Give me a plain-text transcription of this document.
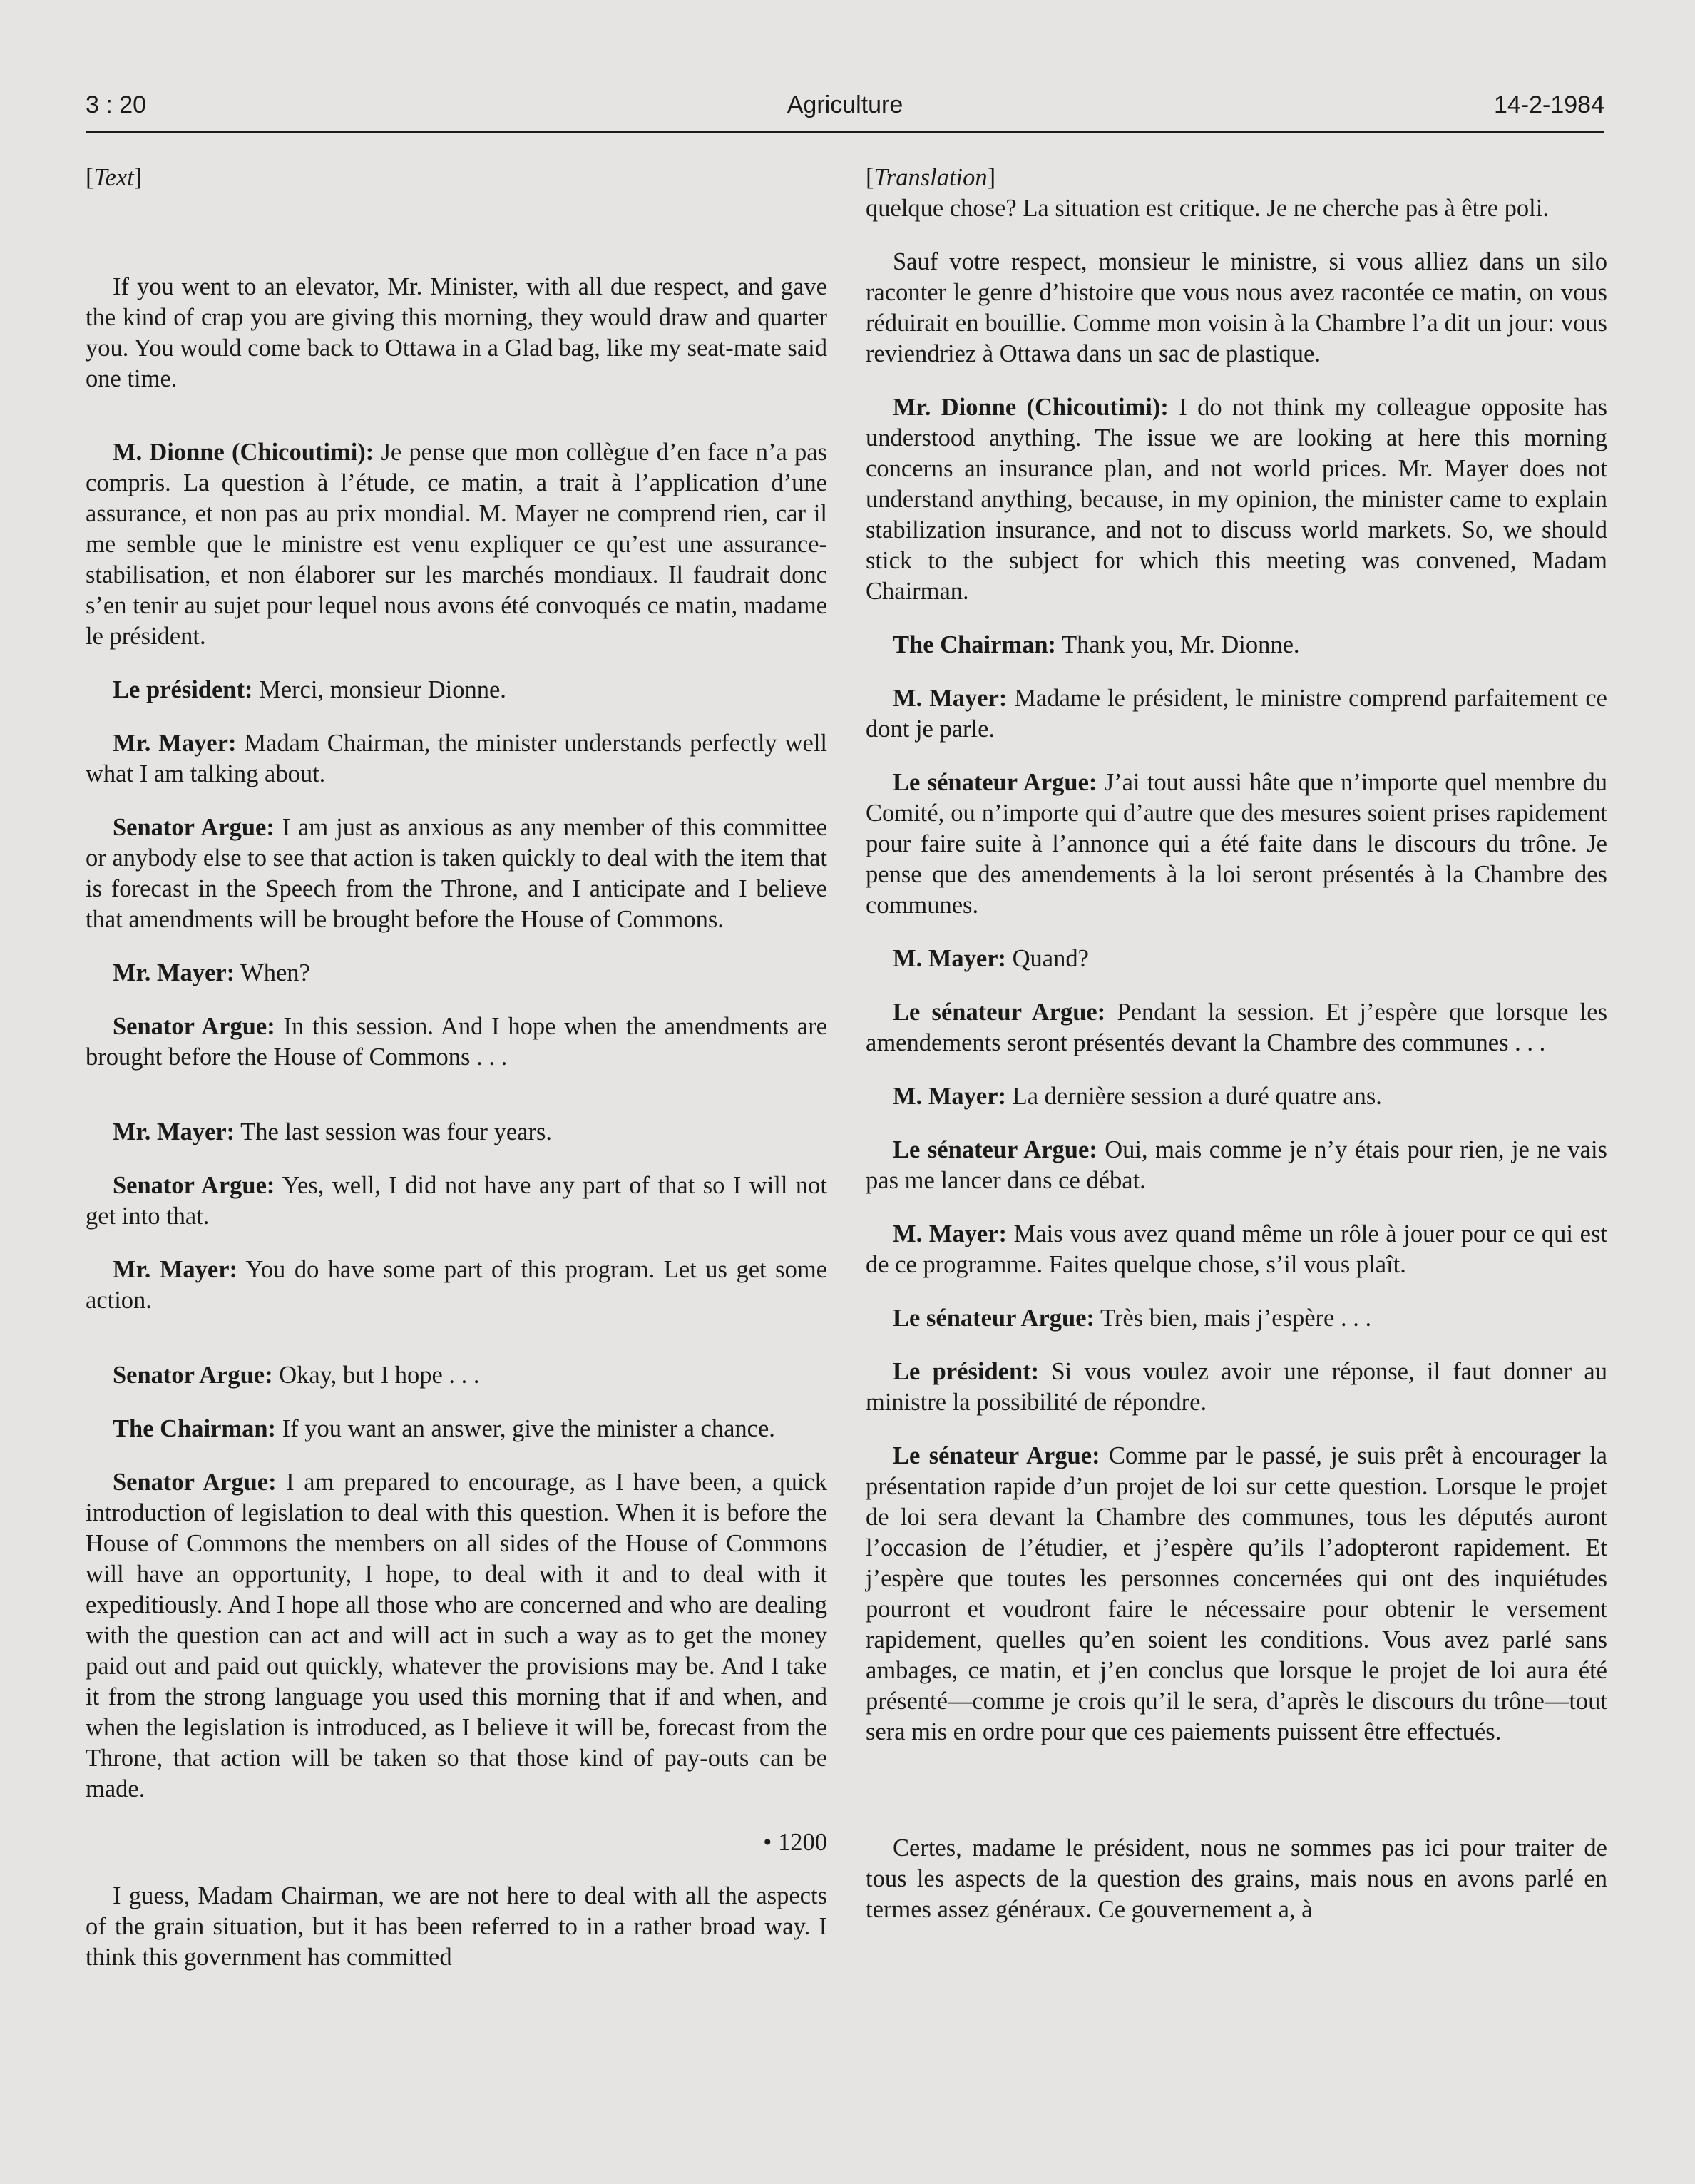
3 : 20	Agriculture	14-2-1984

[Text]

If you went to an elevator, Mr. Minister, with all due respect, and gave the kind of crap you are giving this morning, they would draw and quarter you. You would come back to Ottawa in a Glad bag, like my seat-mate said one time.

M. Dionne (Chicoutimi): Je pense que mon collègue d’en face n’a pas compris. La question à l’étude, ce matin, a trait à l’application d’une assurance, et non pas au prix mondial. M. Mayer ne comprend rien, car il me semble que le ministre est venu expliquer ce qu’est une assurance-stabilisation, et non élaborer sur les marchés mondiaux. Il faudrait donc s’en tenir au sujet pour lequel nous avons été convoqués ce matin, madame le président.

Le président: Merci, monsieur Dionne.

Mr. Mayer: Madam Chairman, the minister understands perfectly well what I am talking about.

Senator Argue: I am just as anxious as any member of this committee or anybody else to see that action is taken quickly to deal with the item that is forecast in the Speech from the Throne, and I anticipate and I believe that amendments will be brought before the House of Commons.

Mr. Mayer: When?

Senator Argue: In this session. And I hope when the amendments are brought before the House of Commons . . .

Mr. Mayer: The last session was four years.

Senator Argue: Yes, well, I did not have any part of that so I will not get into that.

Mr. Mayer: You do have some part of this program. Let us get some action.

Senator Argue: Okay, but I hope . . .

The Chairman: If you want an answer, give the minister a chance.

Senator Argue: I am prepared to encourage, as I have been, a quick introduction of legislation to deal with this question. When it is before the House of Commons the members on all sides of the House of Commons will have an opportunity, I hope, to deal with it and to deal with it expeditiously. And I hope all those who are concerned and who are dealing with the question can act and will act in such a way as to get the money paid out and paid out quickly, whatever the provisions may be. And I take it from the strong language you used this morning that if and when, and when the legislation is introduced, as I believe it will be, forecast from the Throne, that action will be taken so that those kind of pay-outs can be made.

• 1200

I guess, Madam Chairman, we are not here to deal with all the aspects of the grain situation, but it has been referred to in a rather broad way. I think this government has committed

[Translation]

quelque chose? La situation est critique. Je ne cherche pas à être poli.

Sauf votre respect, monsieur le ministre, si vous alliez dans un silo raconter le genre d’histoire que vous nous avez racontée ce matin, on vous réduirait en bouillie. Comme mon voisin à la Chambre l’a dit un jour: vous reviendriez à Ottawa dans un sac de plastique.

Mr. Dionne (Chicoutimi): I do not think my colleague opposite has understood anything. The issue we are looking at here this morning concerns an insurance plan, and not world prices. Mr. Mayer does not understand anything, because, in my opinion, the minister came to explain stabilization insurance, and not to discuss world markets. So, we should stick to the subject for which this meeting was convened, Madam Chairman.

The Chairman: Thank you, Mr. Dionne.

M. Mayer: Madame le président, le ministre comprend parfaitement ce dont je parle.

Le sénateur Argue: J’ai tout aussi hâte que n’importe quel membre du Comité, ou n’importe qui d’autre que des mesures soient prises rapidement pour faire suite à l’annonce qui a été faite dans le discours du trône. Je pense que des amendements à la loi seront présentés à la Chambre des communes.

M. Mayer: Quand?

Le sénateur Argue: Pendant la session. Et j’espère que lorsque les amendements seront présentés devant la Chambre des communes . . .

M. Mayer: La dernière session a duré quatre ans.

Le sénateur Argue: Oui, mais comme je n’y étais pour rien, je ne vais pas me lancer dans ce débat.

M. Mayer: Mais vous avez quand même un rôle à jouer pour ce qui est de ce programme. Faites quelque chose, s’il vous plaît.

Le sénateur Argue: Très bien, mais j’espère . . .

Le président: Si vous voulez avoir une réponse, il faut donner au ministre la possibilité de répondre.

Le sénateur Argue: Comme par le passé, je suis prêt à encourager la présentation rapide d’un projet de loi sur cette question. Lorsque le projet de loi sera devant la Chambre des communes, tous les députés auront l’occasion de l’étudier, et j’espère qu’ils l’adopteront rapidement. Et j’espère que toutes les personnes concernées qui ont des inquiétudes pourront et voudront faire le nécessaire pour obtenir le versement rapidement, quelles qu’en soient les conditions. Vous avez parlé sans ambages, ce matin, et j’en conclus que lorsque le projet de loi aura été présenté—comme je crois qu’il le sera, d’après le discours du trône—tout sera mis en ordre pour que ces paiements puissent être effectués.

Certes, madame le président, nous ne sommes pas ici pour traiter de tous les aspects de la question des grains, mais nous en avons parlé en termes assez généraux. Ce gouvernement a, à
